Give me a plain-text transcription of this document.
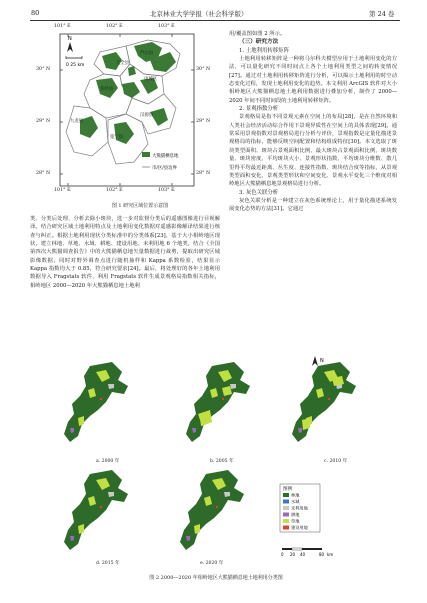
80	北京林业大学学报（社会科学版）	第 24 卷
天全县
雨城区
芦山县
荥经县
汉源县
九龙县
冕宁县
N
0 25 km
大熊猫栖息地
市/区/县边界
101° E	102° E	103° E
101° E	102° E	103° E
30° N
29° N
28° N
30° N
29° N
28° N
图 1 研究区域位置示意图

类、分类后处理、分析去除小斑块，选一步对监督分类后的遥感图像进行目视解译。结合研究区域土地利用特点及土地利用变化数据对遥感影像解译结果进行核查与纠正。根据土地利用现状分类标准中的分类体系[23]，基于大小相岭地区现状，建立林地、草地、水域、耕地、建设用地、未利用地 6 个地类，结合《全国第四次大熊猫调查报告》中的大熊猫栖息地矢量数据进行裁剪，提取出研究区域影像数据，同时对野外调查点进行随机抽样和 Kappa 系数检验，结果显示 Kappa 指数均大于 0.85，符合研究要求[24]。最后，将处理好的各年土地利用数据导入 Fragstats 软件，利用 Fragstats 软件生成景观格局指数相关指标，相岭地区 2000—2020 年大熊猫栖息地土地利

用/覆盖图如图 2 所示。

（三）研究方法
1. 土地利用转移矩阵

土地利用转移矩阵是一种将马尔科夫模型应用于土地利用变化的方法，可以量化研究不同时间点上各个土地利用类型之间的转变情况[27]。通过对土地利用转移矩阵进行分析，可以揭示土地利用的时空动态变化过程，发现土地利用变化的趋势。本文利用 ArcGIS 软件对大小相岭地区大熊猫栖息地土地利用数据进行叠加分析，制作了 2000—2020 年间不同时间段的土地利用转移矩阵。

2. 景观指数分析

景观格局是指不同景观元素在空间上的布局[28]，是在自然环境和人类社会经济活动综合作用下景观异质性在空间上的具体表现[29]。通常采用景观指数对景观格局进行分析与评价，景观指数是定量化描述景观格局的指标，能够反映空间配置和结构组成特征[30]。本文选取了斑块类型面积、斑块占景观面积比例、最大斑块占景观面积比例、斑块数量、斑块密度、平均斑块大小、景观形状指数、平均斑块分维数、散几里得平均最近距离、丛生度、连接性指数、斑块结合度等指标，从景观类型面积变化、景观类型形状和空间变化、景观水平变化三个维度对相岭地区大熊猫栖息地景观格局进行分析。

3. 灰色关联分析

灰色关联分析是一种建立在灰色系统理论上，用于量化描述系统发展变化态势的方法[31]。它通过

N
图例
林地
水域
未利用地
耕地
草地
建设用地
0 20 40	80 km
a. 2000 年	b. 2005 年	c. 2010 年
d. 2015 年	e. 2020 年
图 2 2000—2020 年相岭地区大熊猫栖息地土地利用分类图
